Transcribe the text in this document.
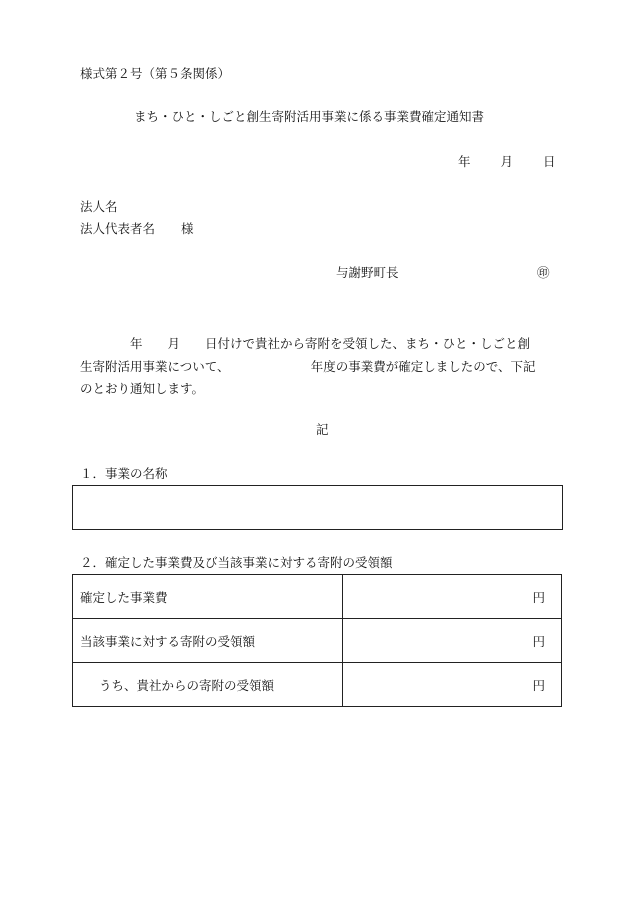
様式第２号（第５条関係）
まち・ひと・しごと創生寄附活用事業に係る事業費確定通知書
年 月 日
法人名
法人代表者名 様
与謝野町長	㊞

　　　　年　　月　　日付けで貴社から寄附を受領した、まち・ひと・しごと創

生寄附活用事業について、　　　　　　　年度の事業費が確定しましたので、下記

のとおり通知します。

記
１．事業の名称
２．確定した事業費及び当該事業に対する寄附の受領額
確定した事業費	円
当該事業に対する寄附の受領額	円
うち、貴社からの寄附の受領額	円
